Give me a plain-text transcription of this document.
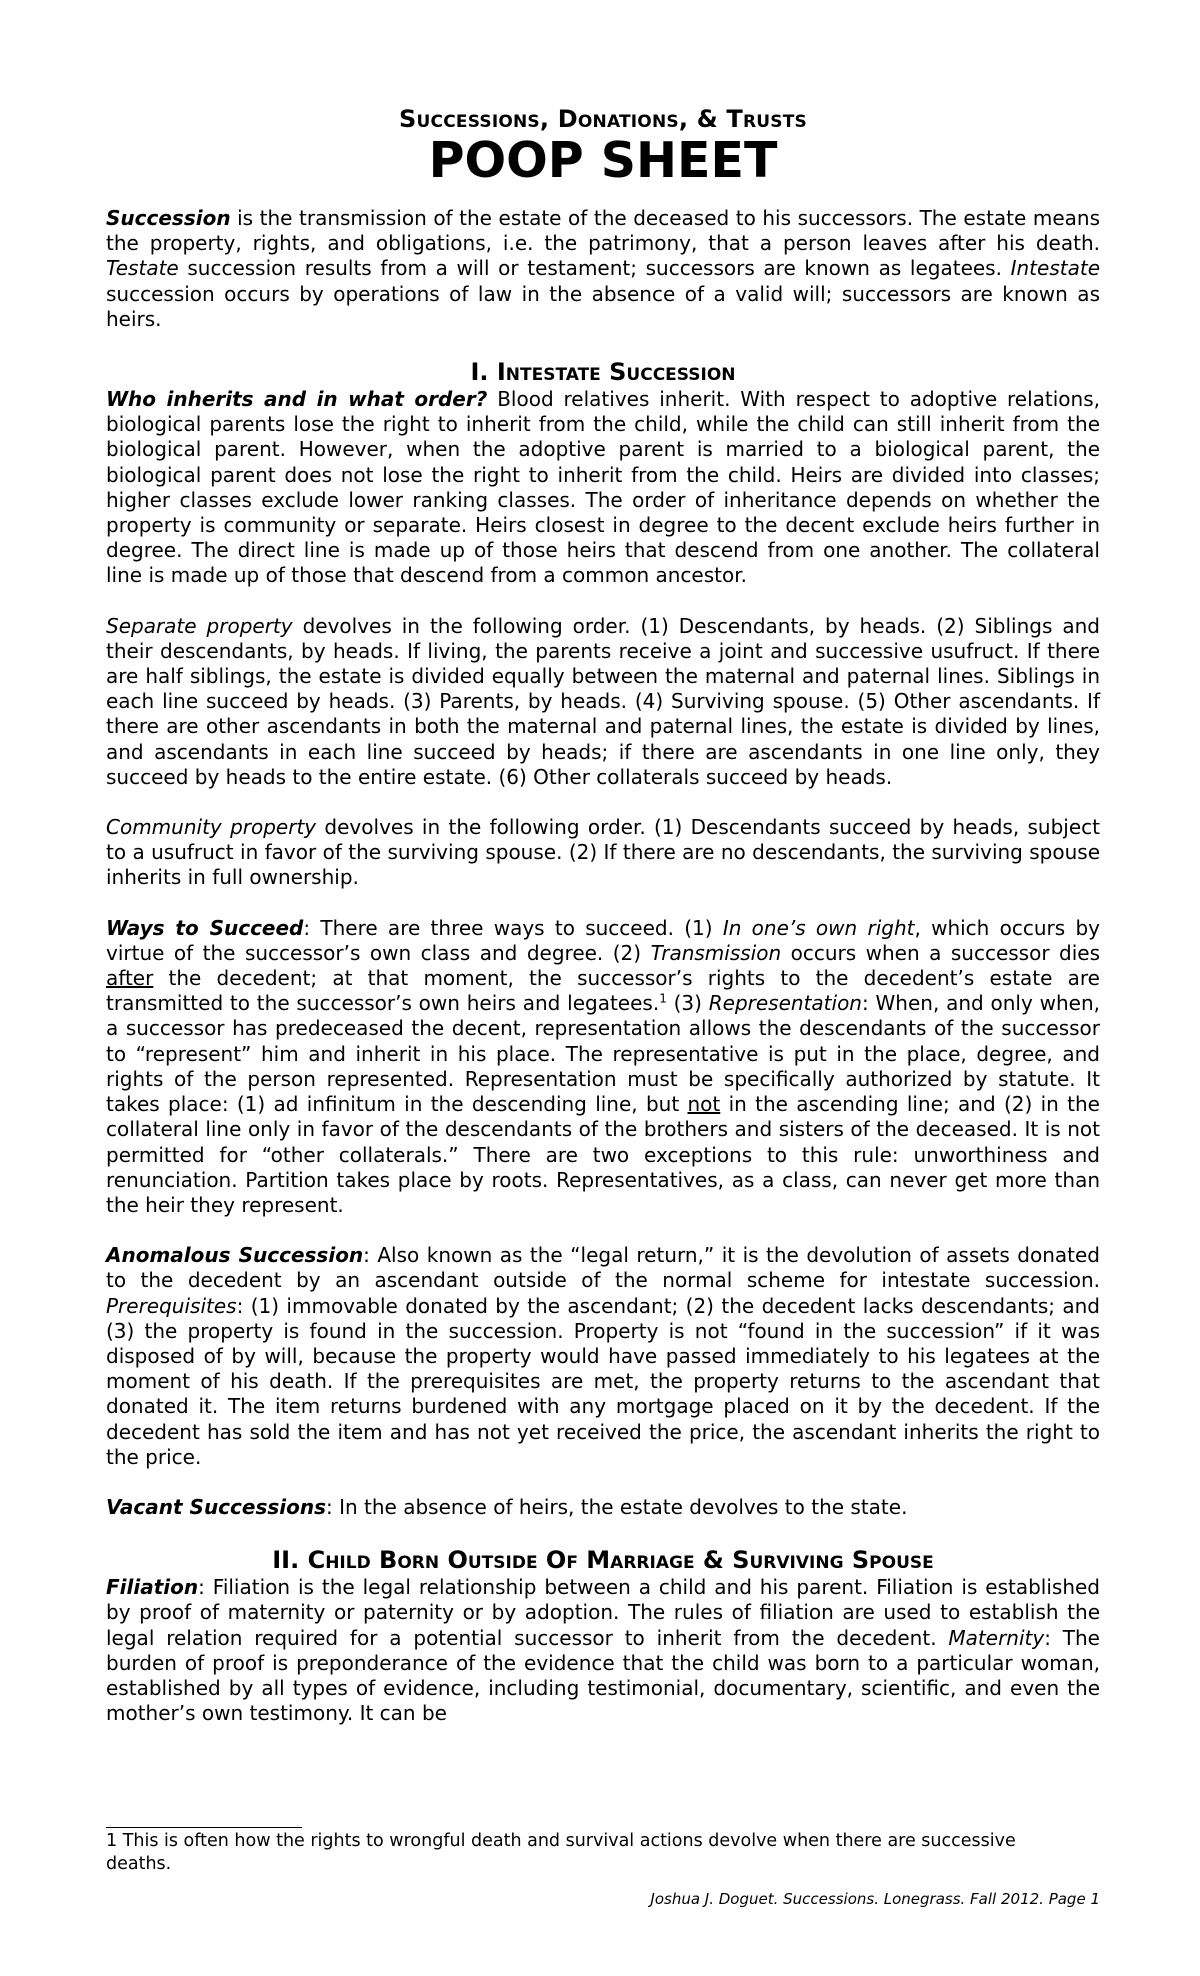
Successions, Donations, & Trusts
POOP SHEET

Succession is the transmission of the estate of the deceased to his successors. The estate means the property, rights, and obligations, i.e. the patrimony, that a person leaves after his death. Testate succession results from a will or testament; successors are known as legatees. Intestate succession occurs by operations of law in the absence of a valid will; successors are known as heirs.

I. Intestate Succession

Who inherits and in what order? Blood relatives inherit. With respect to adoptive relations, biological parents lose the right to inherit from the child, while the child can still inherit from the biological parent. However, when the adoptive parent is married to a biological parent, the biological parent does not lose the right to inherit from the child. Heirs are divided into classes; higher classes exclude lower ranking classes. The order of inheritance depends on whether the property is community or separate. Heirs closest in degree to the decent exclude heirs further in degree. The direct line is made up of those heirs that descend from one another. The collateral line is made up of those that descend from a common ancestor.

Separate property devolves in the following order. (1) Descendants, by heads. (2) Siblings and their descendants, by heads. If living, the parents receive a joint and successive usufruct. If there are half siblings, the estate is divided equally between the maternal and paternal lines. Siblings in each line succeed by heads. (3) Parents, by heads. (4) Surviving spouse. (5) Other ascendants. If there are other ascendants in both the maternal and paternal lines, the estate is divided by lines, and ascendants in each line succeed by heads; if there are ascendants in one line only, they succeed by heads to the entire estate. (6) Other collaterals succeed by heads.

Community property devolves in the following order. (1) Descendants succeed by heads, subject to a usufruct in favor of the surviving spouse. (2) If there are no descendants, the surviving spouse inherits in full ownership.

Ways to Succeed: There are three ways to succeed. (1) In one’s own right, which occurs by virtue of the successor’s own class and degree. (2) Transmission occurs when a successor dies after the decedent; at that moment, the successor’s rights to the decedent’s estate are transmitted to the successor’s own heirs and legatees.$^1$ (3) Representation: When, and only when, a successor has predeceased the decent, representation allows the descendants of the successor to “represent” him and inherit in his place. The representative is put in the place, degree, and rights of the person represented. Representation must be specifically authorized by statute. It takes place: (1) ad infinitum in the descending line, but not in the ascending line; and (2) in the collateral line only in favor of the descendants of the brothers and sisters of the deceased. It is not permitted for “other collaterals.” There are two exceptions to this rule: unworthiness and renunciation. Partition takes place by roots. Representatives, as a class, can never get more than the heir they represent.

Anomalous Succession: Also known as the “legal return,” it is the devolution of assets donated to the decedent by an ascendant outside of the normal scheme for intestate succession. Prerequisites: (1) immovable donated by the ascendant; (2) the decedent lacks descendants; and (3) the property is found in the succession. Property is not “found in the succession” if it was disposed of by will, because the property would have passed immediately to his legatees at the moment of his death. If the prerequisites are met, the property returns to the ascendant that donated it. The item returns burdened with any mortgage placed on it by the decedent. If the decedent has sold the item and has not yet received the price, the ascendant inherits the right to the price.

Vacant Successions: In the absence of heirs, the estate devolves to the state.

II. Child Born Outside Of Marriage & Surviving Spouse

Filiation: Filiation is the legal relationship between a child and his parent. Filiation is established by proof of maternity or paternity or by adoption. The rules of filiation are used to establish the legal relation required for a potential successor to inherit from the decedent. Maternity: The burden of proof is preponderance of the evidence that the child was born to a particular woman, established by all types of evidence, including testimonial, documentary, scientific, and even the mother’s own testimony. It can be

1 This is often how the rights to wrongful death and survival actions devolve when there are successive deaths.
Joshua J. Doguet. Successions. Lonegrass. Fall 2012. Page 1
